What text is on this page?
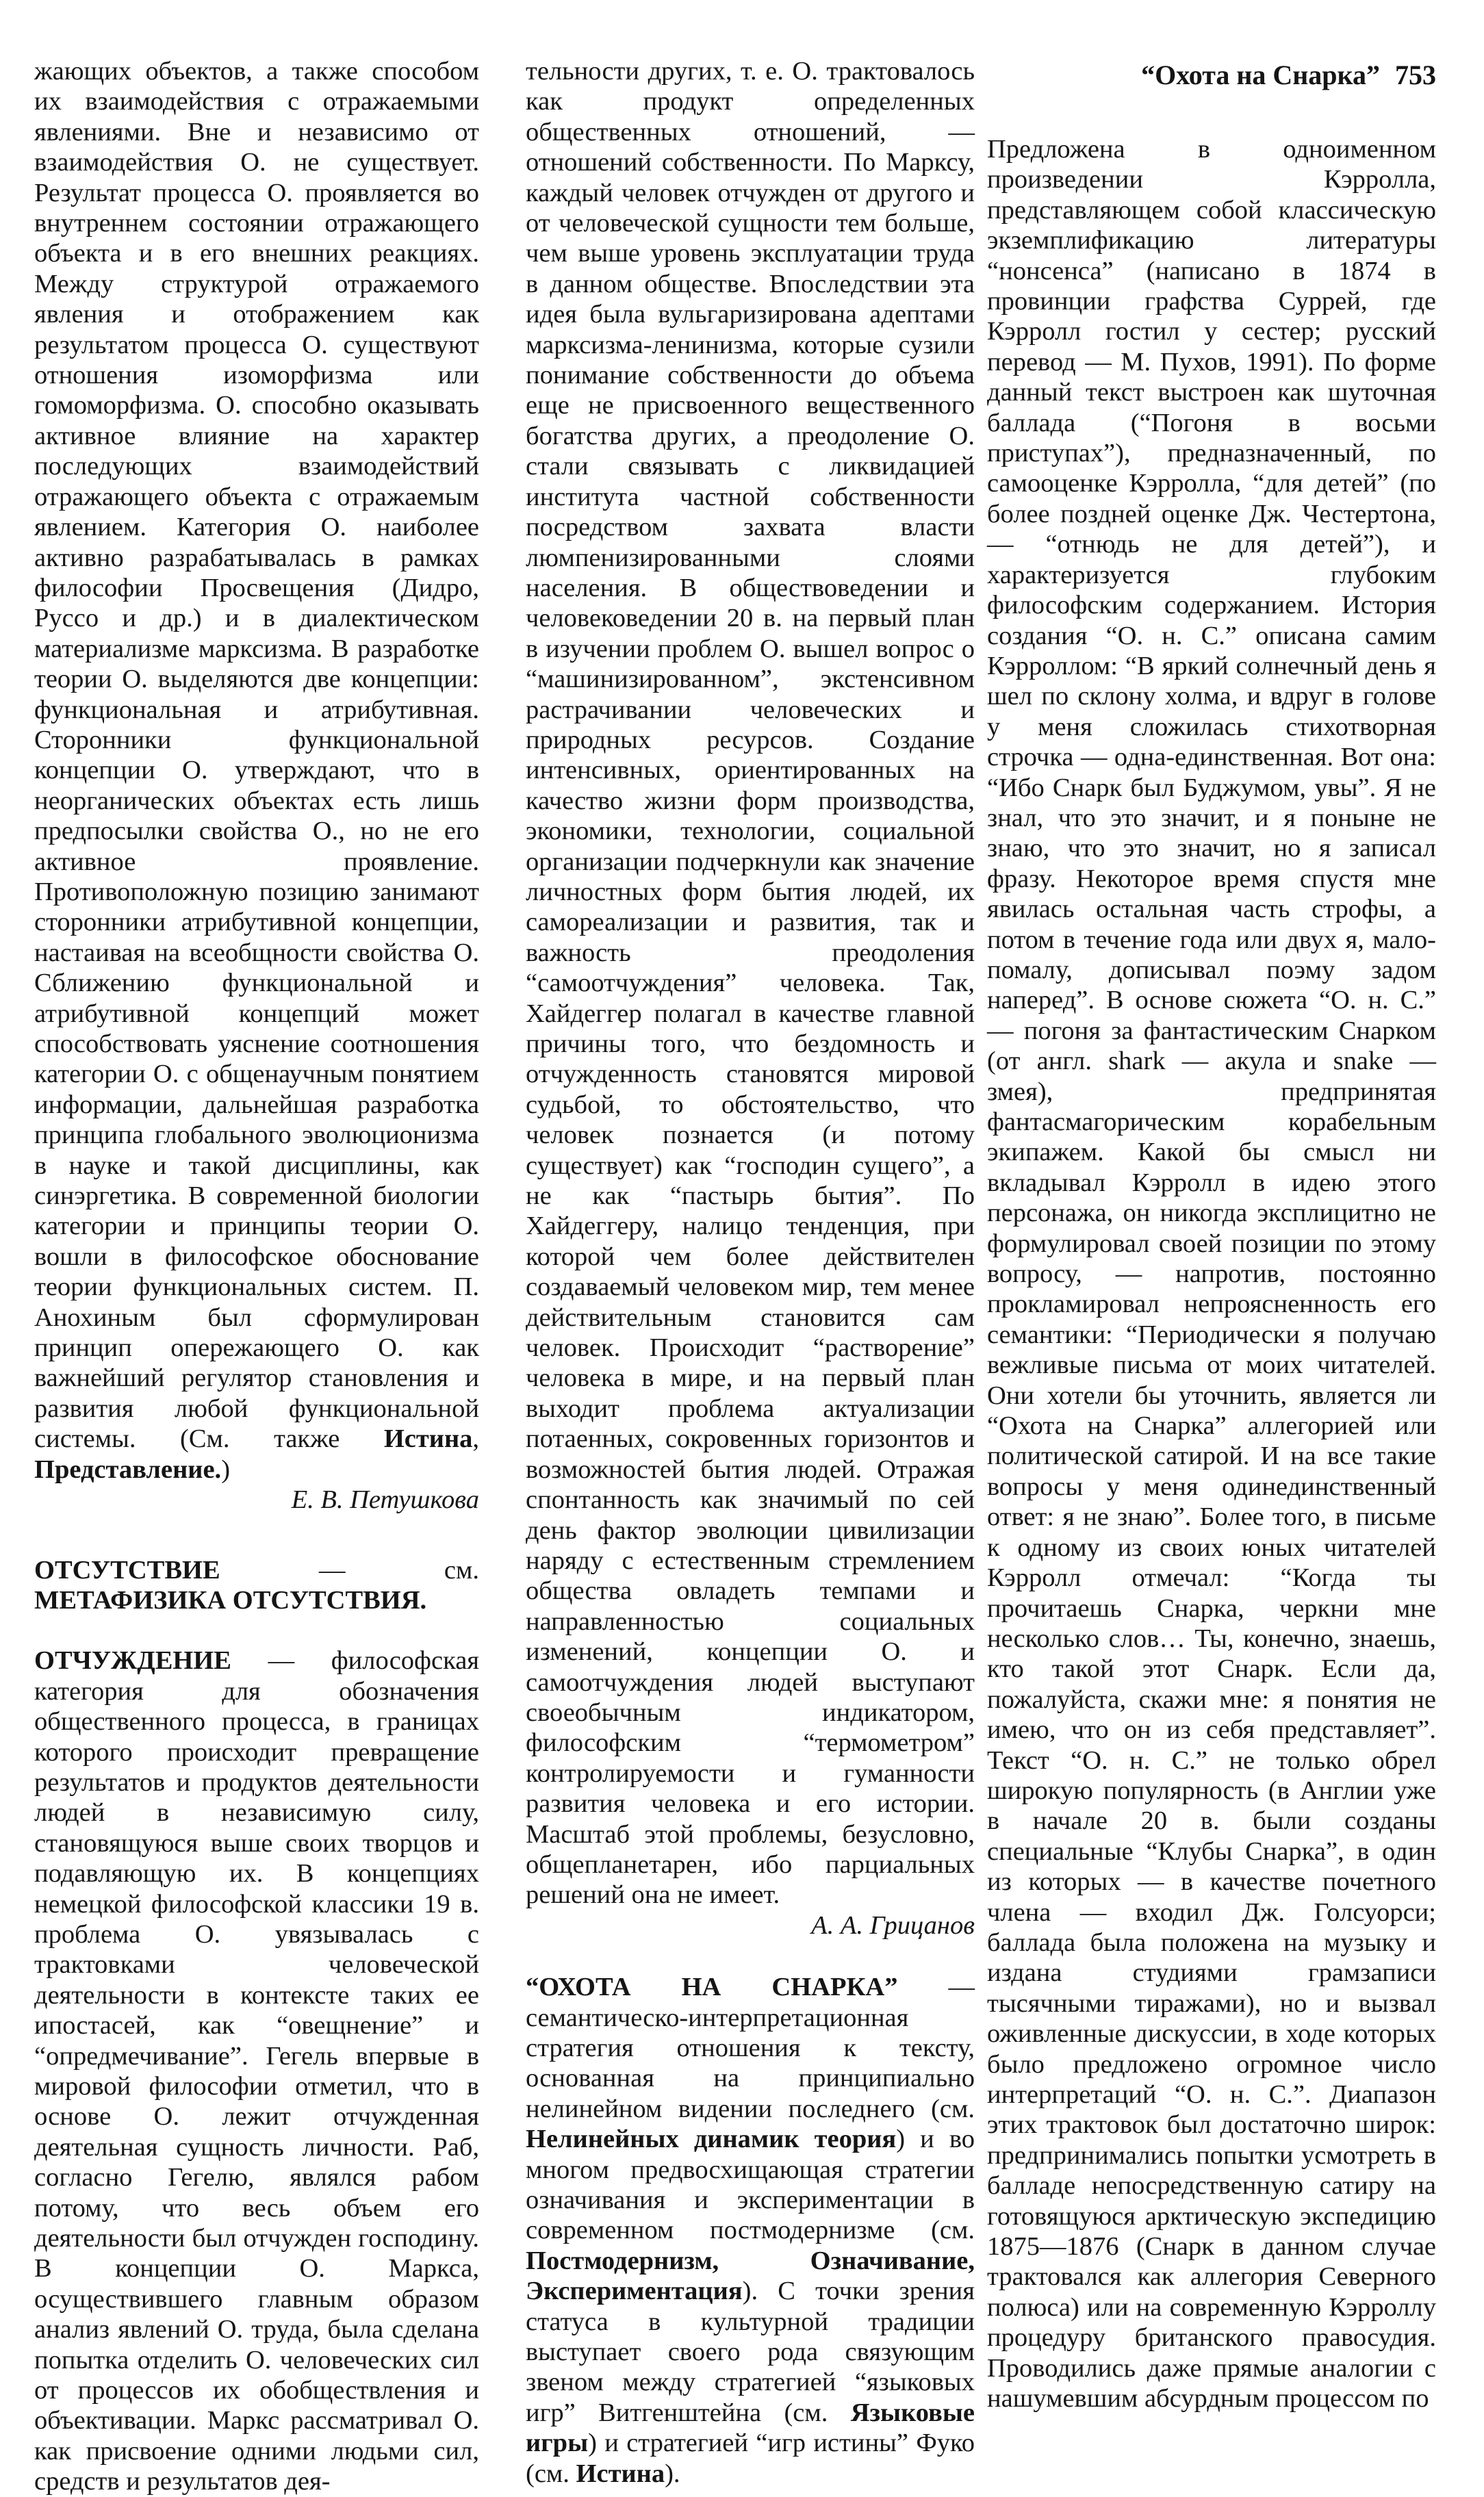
“Охота на Снарка” 753

жающих объектов, а также способом их взаимодействия с отражаемыми явлениями. Вне и независимо от взаимодействия О. не существует. Результат процесса О. проявляется во внутреннем состоянии отражающего объекта и в его внешних реакциях. Между структурой отражаемого явления и отображением как результатом процесса О. существуют отношения изоморфизма или гомоморфизма. О. способно оказывать активное влияние на характер последующих взаимодействий отражающего объекта с отражаемым явлением. Категория О. наиболее активно разрабатывалась в рамках философии Просвещения (Дидро, Руссо и др.) и в диалектическом материализме марксизма. В разработке теории О. выделяются две концепции: функциональная и атрибутивная. Сторонники функциональной концепции О. утверждают, что в неорганических объектах есть лишь предпосылки свойства О., но не его активное проявление. Противоположную позицию занимают сторонники атрибутивной концепции, настаивая на всеобщности свойства О. Сближению функциональной и атрибутивной концепций может способствовать уяснение соотношения категории О. с общенаучным понятием информации, дальнейшая разработка принципа глобального эволюционизма в науке и такой дисциплины, как синэргетика. В современной биологии категории и принципы теории О. вошли в философское обоснование теории функциональных систем. П. Анохиным был сформулирован принцип опережающего О. как важнейший регулятор становления и развития любой функциональной системы. (См. также Истина, Представление.)

Е. В. Петушкова

ОТСУТСТВИЕ — см. МЕТАФИЗИКА ОТСУТСТВИЯ.

ОТЧУЖДЕНИЕ — философская категория для обозначения общественного процесса, в границах которого происходит превращение результатов и продуктов деятельности людей в независимую силу, становящуюся выше своих творцов и подавляющую их. В концепциях немецкой философской классики 19 в. проблема О. увязывалась с трактовками человеческой деятельности в контексте таких ее ипостасей, как “овещнение” и “опредмечивание”. Гегель впервые в мировой философии отметил, что в основе О. лежит отчужденная деятельная сущность личности. Раб, согласно Гегелю, являлся рабом потому, что весь объем его деятельности был отчужден господину. В концепции О. Маркса, осуществившего главным образом анализ явлений О. труда, была сделана попытка отделить О. человеческих сил от процессов их обобществления и объективации. Маркс рассматривал О. как присвоение одними людьми сил, средств и результатов дея-

тельности других, т. е. О. трактовалось как продукт определенных общественных отношений, — отношений собственности. По Марксу, каждый человек отчужден от другого и от человеческой сущности тем больше, чем выше уровень эксплуатации труда в данном обществе. Впоследствии эта идея была вульгаризирована адептами марксизма-ленинизма, которые сузили понимание собственности до объема еще не присвоенного вещественного богатства других, а преодоление О. стали связывать с ликвидацией института частной собственности посредством захвата власти люмпенизированными слоями населения. В обществоведении и человековедении 20 в. на первый план в изучении проблем О. вышел вопрос о “машинизированном”, экстенсивном растрачивании человеческих и природных ресурсов. Создание интенсивных, ориентированных на качество жизни форм производства, экономики, технологии, социальной организации подчеркнули как значение личностных форм бытия людей, их самореализации и развития, так и важность преодоления “самоотчуждения” человека. Так, Хайдеггер полагал в качестве главной причины того, что бездомность и отчужденность становятся мировой судьбой, то обстоятельство, что человек познается (и потому существует) как “господин сущего”, а не как “пастырь бытия”. По Хайдеггеру, налицо тенденция, при которой чем более действителен создаваемый человеком мир, тем менее действительным становится сам человек. Происходит “растворение” человека в мире, и на первый план выходит проблема актуализации потаенных, сокровенных горизонтов и возможностей бытия людей. Отражая спонтанность как значимый по сей день фактор эволюции цивилизации наряду с естественным стремлением общества овладеть темпами и направленностью социальных изменений, концепции О. и самоотчуждения людей выступают своеобычным индикатором, философским “термометром” контролируемости и гуманности развития человека и его истории. Масштаб этой проблемы, безусловно, общепланетарен, ибо парциальных решений она не имеет.

А. А. Грицанов

“ОХОТА НА СНАРКА” — семантическо-интерпретационная стратегия отношения к тексту, основанная на принципиально нелинейном видении последнего (см. Нелинейных динамик теория) и во многом предвосхищающая стратегии означивания и экспериментации в современном постмодернизме (см. Постмодернизм, Означивание, Экспериментация). С точки зрения статуса в культурной традиции выступает своего рода связующим звеном между стратегией “языковых игр” Витгенштейна (см. Языковые игры) и стратегией “игр истины” Фуко (см. Истина).

Предложена в одноименном произведении Кэрролла, представляющем собой классическую экземплификацию литературы “нонсенса” (написано в 1874 в провинции графства Суррей, где Кэрролл гостил у сестер; русский перевод — М. Пухов, 1991). По форме данный текст выстроен как шуточная баллада (“Погоня в восьми приступах”), предназначенный, по самооценке Кэрролла, “для детей” (по более поздней оценке Дж. Честертона, — “отнюдь не для детей”), и характеризуется глубоким философским содержанием. История создания “О. н. С.” описана самим Кэрроллом: “В яркий солнечный день я шел по склону холма, и вдруг в голове у меня сложилась стихотворная строчка — одна-единственная. Вот она: “Ибо Снарк был Буджумом, увы”. Я не знал, что это значит, и я поныне не знаю, что это значит, но я записал фразу. Некоторое время спустя мне явилась остальная часть строфы, а потом в течение года или двух я, мало-помалу, дописывал поэму задом наперед”. В основе сюжета “О. н. С.” — погоня за фантастическим Снарком (от англ. shark — акула и snake — змея), предпринятая фантасмагорическим корабельным экипажем. Какой бы смысл ни вкладывал Кэрролл в идею этого персонажа, он никогда эксплицитно не формулировал своей позиции по этому вопросу, — напротив, постоянно прокламировал непроясненность его семантики: “Периодически я получаю вежливые письма от моих читателей. Они хотели бы уточнить, является ли “Охота на Снарка” аллегорией или политической сатирой. И на все такие вопросы у меня одинединственный ответ: я не знаю”. Более того, в письме к одному из своих юных читателей Кэрролл отмечал: “Когда ты прочитаешь Снарка, черкни мне несколько слов… Ты, конечно, знаешь, кто такой этот Снарк. Если да, пожалуйста, скажи мне: я понятия не имею, что он из себя представляет”. Текст “О. н. С.” не только обрел широкую популярность (в Англии уже в начале 20 в. были созданы специальные “Клубы Снарка”, в один из которых — в качестве почетного члена — входил Дж. Голсуорси; баллада была положена на музыку и издана студиями грамзаписи тысячными тиражами), но и вызвал оживленные дискуссии, в ходе которых было предложено огромное число интерпретаций “О. н. С.”. Диапазон этих трактовок был достаточно широк: предпринимались попытки усмотреть в балладе непосредственную сатиру на готовящуюся арктическую экспедицию 1875—1876 (Снарк в данном случае трактовался как аллегория Северного полюса) или на современную Кэрроллу процедуру британского правосудия. Проводились даже прямые аналогии с нашумевшим абсурдным процессом по
